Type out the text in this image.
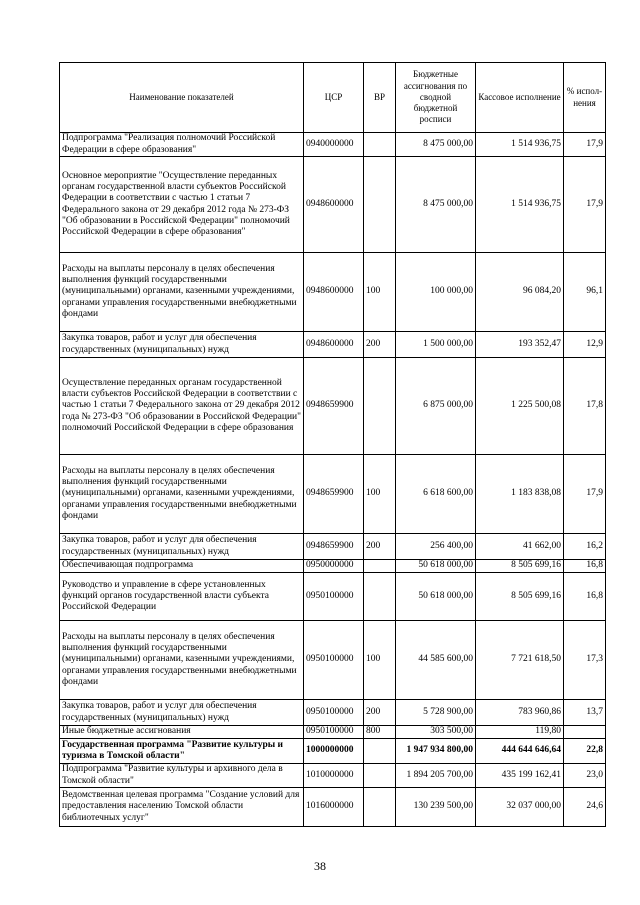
Наименование показателей	ЦСР	ВР	Бюджетные ассигнования по сводной бюджетной росписи	Кассовое исполнение	% испол-нения
Подпрограмма "Реализация полномочий Российской Федерации в сфере образования"	0940000000		8 475 000,00	1 514 936,75	17,9
Основное мероприятие "Осуществление переданных органам государственной власти субъектов Российской Федерации в соответствии с частью 1 статьи 7 Федерального закона от 29 декабря 2012 года № 273-ФЗ "Об образовании в Российской Федерации" полномочий Российской Федерации в сфере образования"	0948600000		8 475 000,00	1 514 936,75	17,9
Расходы на выплаты персоналу в целях обеспечения выполнения функций государственными (муниципальными) органами, казенными учреждениями, органами управления государственными внебюджетными фондами	0948600000	100	100 000,00	96 084,20	96,1
Закупка товаров, работ и услуг для обеспечения государственных (муниципальных) нужд	0948600000	200	1 500 000,00	193 352,47	12,9
Осуществление переданных органам государственной власти субъектов Российской Федерации в соответствии с частью 1 статьи 7 Федерального закона от 29 декабря 2012 года № 273-ФЗ "Об образовании в Российской Федерации" полномочий Российской Федерации в сфере образования	0948659900		6 875 000,00	1 225 500,08	17,8
Расходы на выплаты персоналу в целях обеспечения выполнения функций государственными (муниципальными) органами, казенными учреждениями, органами управления государственными внебюджетными фондами	0948659900	100	6 618 600,00	1 183 838,08	17,9
Закупка товаров, работ и услуг для обеспечения государственных (муниципальных) нужд	0948659900	200	256 400,00	41 662,00	16,2
Обеспечивающая подпрограмма	0950000000		50 618 000,00	8 505 699,16	16,8
Руководство и управление в сфере установленных функций органов государственной власти субъекта Российской Федерации	0950100000		50 618 000,00	8 505 699,16	16,8
Расходы на выплаты персоналу в целях обеспечения выполнения функций государственными (муниципальными) органами, казенными учреждениями, органами управления государственными внебюджетными фондами	0950100000	100	44 585 600,00	7 721 618,50	17,3
Закупка товаров, работ и услуг для обеспечения государственных (муниципальных) нужд	0950100000	200	5 728 900,00	783 960,86	13,7
Иные бюджетные ассигнования	0950100000	800	303 500,00	119,80	
Государственная программа "Развитие культуры и туризма в Томской области"	1000000000		1 947 934 800,00	444 644 646,64	22,8
Подпрограмма "Развитие культуры и архивного дела в Томской области"	1010000000		1 894 205 700,00	435 199 162,41	23,0
Ведомственная целевая программа "Создание условий для предоставления населению Томской области библиотечных услуг"	1016000000		130 239 500,00	32 037 000,00	24,6
38
